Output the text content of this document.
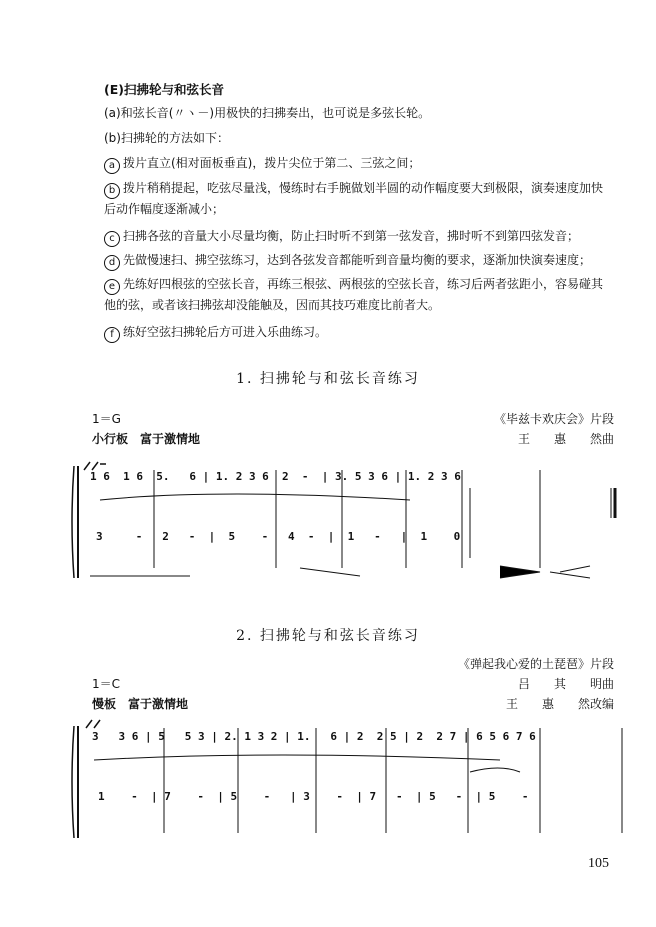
(E)扫拂轮与和弦长音
(a)和弦长音(〃ヽ－)用极快的扫拂奏出，也可说是多弦长轮。
(b)扫拂轮的方法如下：
a 拨片直立(相对面板垂直)，拨片尖位于第二、三弦之间；
b 拨片稍稍提起，吃弦尽量浅，慢练时右手腕做划半圆的动作幅度要大到极限，演奏速度加快后动作幅度逐渐减小；
c 扫拂各弦的音量大小尽量均衡，防止扫时听不到第一弦发音，拂时听不到第四弦发音；
d 先做慢速扫、拂空弦练习，达到各弦发音都能听到音量均衡的要求，逐渐加快演奏速度；
e 先练好四根弦的空弦长音，再练三根弦、两根弦的空弦长音，练习后两者弦距小，容易碰其他的弦，或者该扫拂弦却没能触及，因而其技巧难度比前者大。
f 练好空弦扫拂轮后方可进入乐曲练习。
1. 扫拂轮与和弦长音练习
1＝G
小行板　富于激情地
《毕兹卡欢庆会》片段
王　　惠　　然曲
1 6  1 6  5.   6 | 1. 2 3 6  2  -  | 3. 5 3 6 | 1. 2 3 6
3     -   2   -  |  5    -   4  -  |  1   -   |  1    0
2. 扫拂轮与和弦长音练习
《弹起我心爱的土琵琶》片段
1＝C	吕　　其　　明曲
慢板　富于激情地	王　　惠　　然改编
3   3 6 | 5   5 3 | 2. 1 3 2 | 1.   6 | 2  2 5 | 2  2 7 | 6 5 6 7 6
1    -  | 7    -  | 5    -   | 3    -  | 7   -  | 5   -  | 5    -
105
